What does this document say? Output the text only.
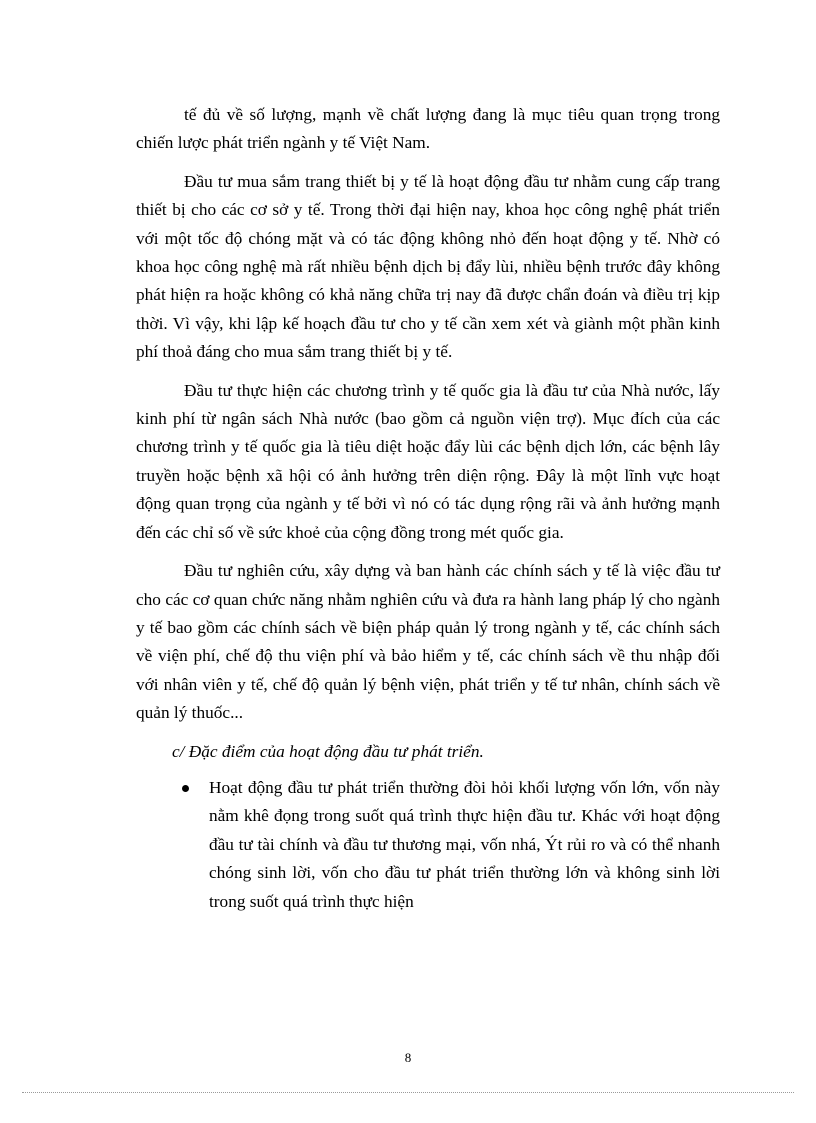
tế đủ về số lượng, mạnh về chất lượng đang là mục tiêu quan trọng trong chiến lược phát triển ngành y tế Việt Nam.

Đầu tư mua sắm trang thiết bị y tế là hoạt động đầu tư nhằm cung cấp trang thiết bị cho các cơ sở y tế. Trong thời đại hiện nay, khoa học công nghệ phát triển với một tốc độ chóng mặt và có tác động không nhỏ đến hoạt động y tế. Nhờ có khoa học công nghệ mà rất nhiều bệnh dịch bị đẩy lùi, nhiều bệnh trước đây không phát hiện ra hoặc không có khả năng chữa trị nay đã được chẩn đoán và điều trị kịp thời. Vì vậy, khi lập kế hoạch đầu tư cho y tế cần xem xét và giành một phần kinh phí thoả đáng cho mua sắm trang thiết bị y tế.

Đầu tư thực hiện các chương trình y tế quốc gia là đầu tư của Nhà nước, lấy kinh phí từ ngân sách Nhà nước (bao gồm cả nguồn viện trợ). Mục đích của các chương trình y tế quốc gia là tiêu diệt hoặc đẩy lùi các bệnh dịch lớn, các bệnh lây truyền hoặc bệnh xã hội có ảnh hưởng trên diện rộng. Đây là một lĩnh vực hoạt động quan trọng của ngành y tế bởi vì nó có tác dụng rộng rãi và ảnh hưởng mạnh đến các chỉ số về sức khoẻ của cộng đồng trong mét quốc gia.

Đầu tư nghiên cứu, xây dựng và ban hành các chính sách y tế là việc đầu tư cho các cơ quan chức năng nhằm nghiên cứu và đưa ra hành lang pháp lý cho ngành y tế bao gồm các chính sách về biện pháp quản lý trong ngành y tế, các chính sách về viện phí, chế độ thu viện phí và bảo hiểm y tế, các chính sách về thu nhập đối với nhân viên y tế, chế độ quản lý bệnh viện, phát triển y tế tư nhân, chính sách về quản lý thuốc...

c/ Đặc điểm của hoạt động đầu tư phát triển.

Hoạt động đầu tư phát triển thường đòi hỏi khối lượng vốn lớn, vốn này nằm khê đọng trong suốt quá trình thực hiện đầu tư. Khác với hoạt động đầu tư tài chính và đầu tư thương mại, vốn nhá, Ýt rủi ro và có thể nhanh chóng sinh lời, vốn cho đầu tư phát triển thường lớn và không sinh lời trong suốt quá trình thực hiện
8
